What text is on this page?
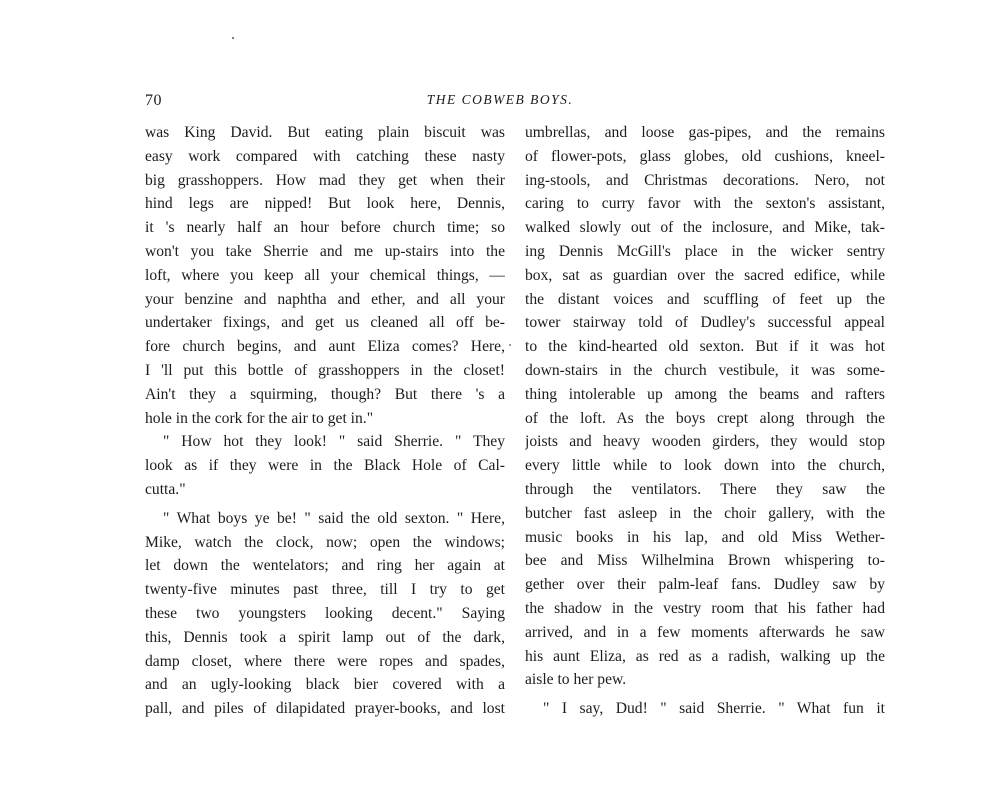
70	THE COBWEB BOYS.
was King David. But eating plain biscuit was
easy work compared with catching these nasty
big grasshoppers. How mad they get when their
hind legs are nipped! But look here, Dennis,
it 's nearly half an hour before church time; so
won't you take Sherrie and me up-stairs into the
loft, where you keep all your chemical things, —
your benzine and naphtha and ether, and all your
undertaker fixings, and get us cleaned all off be-
fore church begins, and aunt Eliza comes? Here,
I 'll put this bottle of grasshoppers in the closet!
Ain't they a squirming, though? But there 's a
hole in the cork for the air to get in."
" How hot they look! " said Sherrie. " They
look as if they were in the Black Hole of Cal-
cutta."
" What boys ye be! " said the old sexton. " Here,
Mike, watch the clock, now; open the windows;
let down the wentelators; and ring her again at
twenty-five minutes past three, till I try to get
these two youngsters looking decent." Saying
this, Dennis took a spirit lamp out of the dark,
damp closet, where there were ropes and spades,
and an ugly-looking black bier covered with a
pall, and piles of dilapidated prayer-books, and lost
umbrellas, and loose gas-pipes, and the remains
of flower-pots, glass globes, old cushions, kneel-
ing-stools, and Christmas decorations. Nero, not
caring to curry favor with the sexton's assistant,
walked slowly out of the inclosure, and Mike, tak-
ing Dennis McGill's place in the wicker sentry
box, sat as guardian over the sacred edifice, while
the distant voices and scuffling of feet up the
tower stairway told of Dudley's successful appeal
to the kind-hearted old sexton. But if it was hot
down-stairs in the church vestibule, it was some-
thing intolerable up among the beams and rafters
of the loft. As the boys crept along through the
joists and heavy wooden girders, they would stop
every little while to look down into the church,
through the ventilators. There they saw the
butcher fast asleep in the choir gallery, with the
music books in his lap, and old Miss Wether-
bee and Miss Wilhelmina Brown whispering to-
gether over their palm-leaf fans. Dudley saw by
the shadow in the vestry room that his father had
arrived, and in a few moments afterwards he saw
his aunt Eliza, as red as a radish, walking up the
aisle to her pew.
" I say, Dud! " said Sherrie. " What fun it
